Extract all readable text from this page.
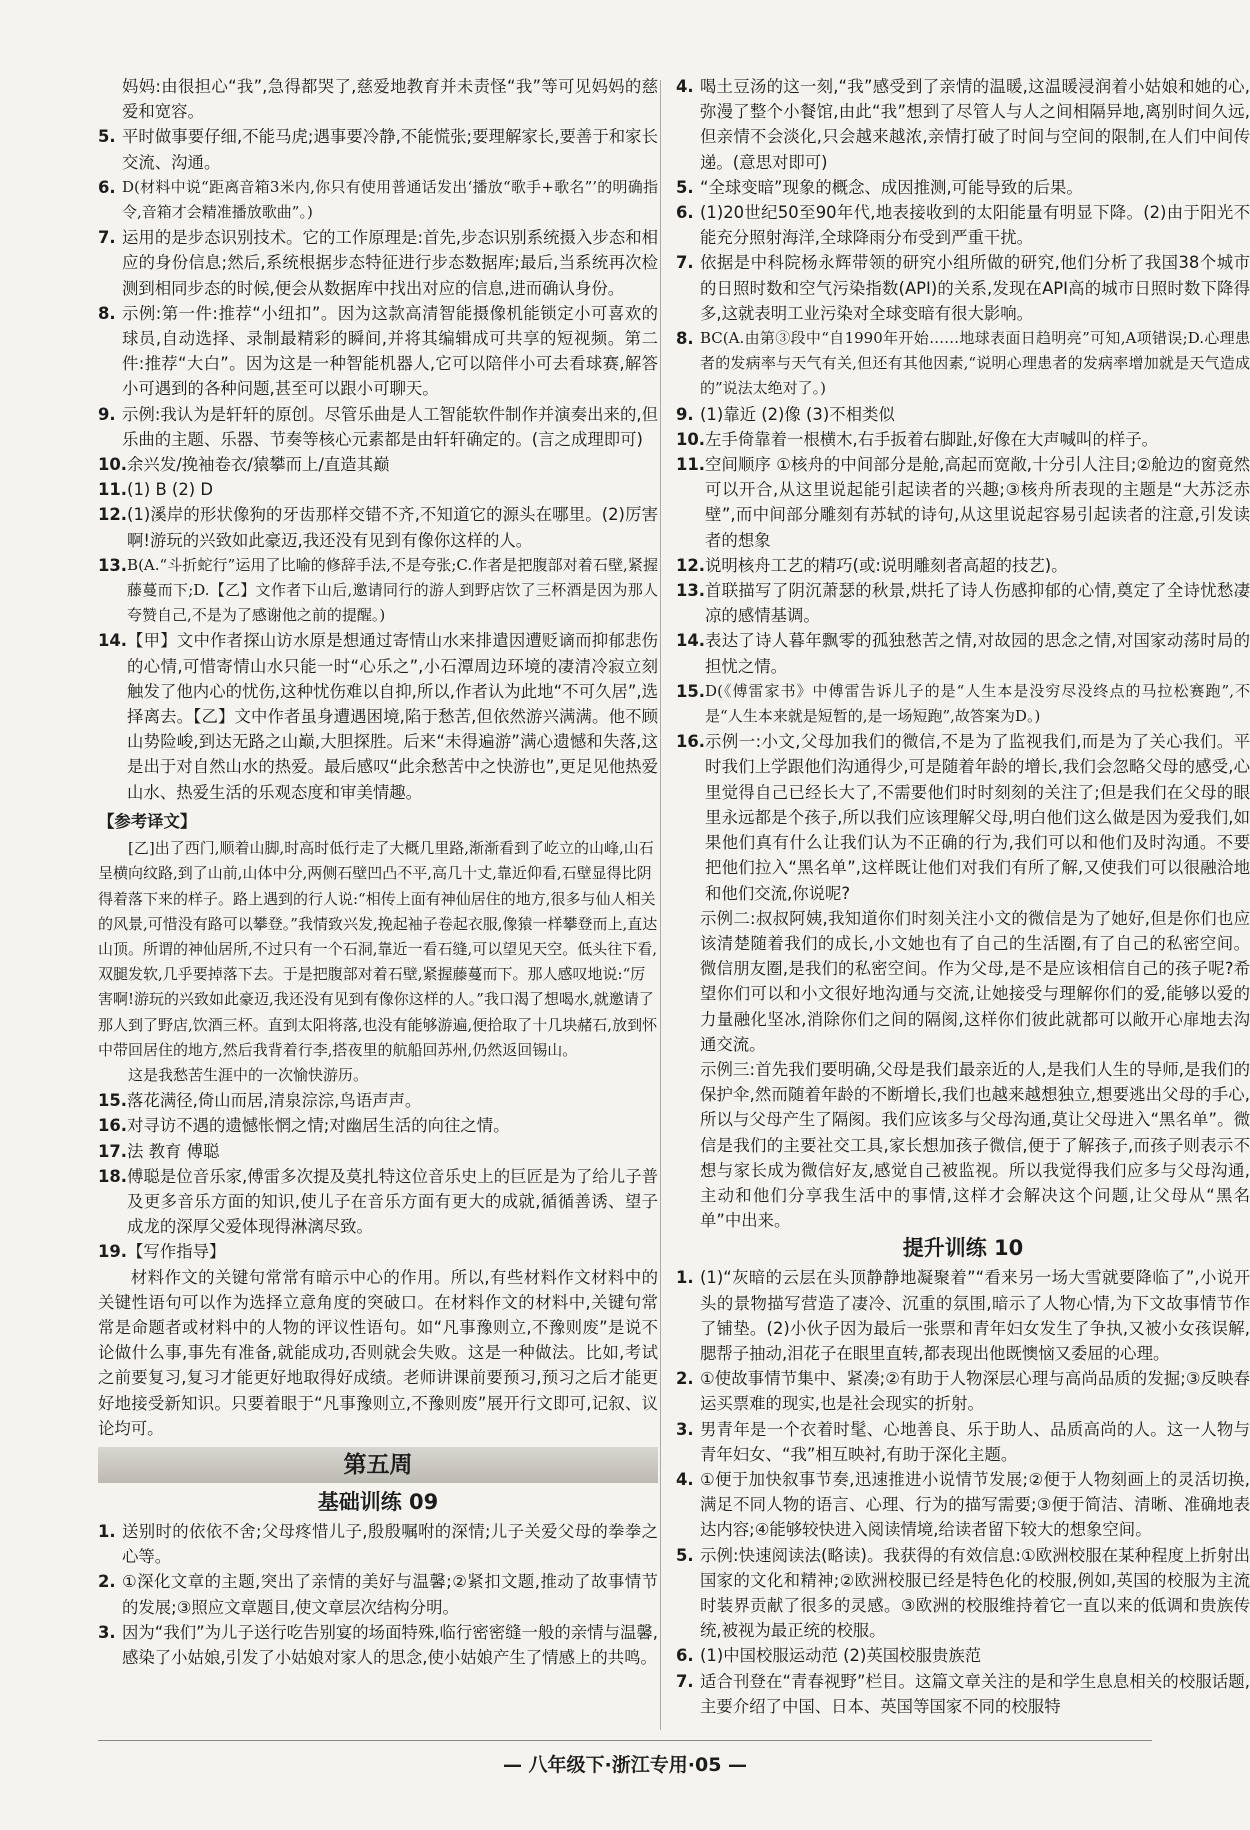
妈妈:由很担心“我”,急得都哭了,慈爱地教育并未责怪“我”等可见妈妈的慈爱和宽容。
5. 平时做事要仔细,不能马虎;遇事要冷静,不能慌张;要理解家长,要善于和家长交流、沟通。
6. D(材料中说“距离音箱3米内,你只有使用普通话发出‘播放“歌手+歌名”’的明确指令,音箱才会精准播放歌曲”。)
7. 运用的是步态识别技术。它的工作原理是:首先,步态识别系统摄入步态和相应的身份信息;然后,系统根据步态特征进行步态数据库;最后,当系统再次检测到相同步态的时候,便会从数据库中找出对应的信息,进而确认身份。
8. 示例:第一件:推荐“小纽扣”。因为这款高清智能摄像机能锁定小可喜欢的球员,自动选择、录制最精彩的瞬间,并将其编辑成可共享的短视频。第二件:推荐“大白”。因为这是一种智能机器人,它可以陪伴小可去看球赛,解答小可遇到的各种问题,甚至可以跟小可聊天。
9. 示例:我认为是轩轩的原创。尽管乐曲是人工智能软件制作并演奏出来的,但乐曲的主题、乐器、节奏等核心元素都是由轩轩确定的。(言之成理即可)
10. 余兴发/挽袖卷衣/猿攀而上/直造其巅
11. (1) B (2) D
12. (1)溪岸的形状像狗的牙齿那样交错不齐,不知道它的源头在哪里。(2)厉害啊!游玩的兴致如此豪迈,我还没有见到有像你这样的人。
13. B(A.“斗折蛇行”运用了比喻的修辞手法,不是夸张;C.作者是把腹部对着石壁,紧握藤蔓而下;D.【乙】文作者下山后,邀请同行的游人到野店饮了三杯酒是因为那人夸赞自己,不是为了感谢他之前的提醒。)
14. 【甲】文中作者探山访水原是想通过寄情山水来排遣因遭贬谪而抑郁悲伤的心情,可惜寄情山水只能一时“心乐之”,小石潭周边环境的凄清冷寂立刻触发了他内心的忧伤,这种忧伤难以自抑,所以,作者认为此地“不可久居”,选择离去。【乙】文中作者虽身遭遇困境,陷于愁苦,但依然游兴满满。他不顾山势险峻,到达无路之山巅,大胆探胜。后来“未得遍游”满心遗憾和失落,这是出于对自然山水的热爱。最后感叹“此余愁苦中之快游也”,更足见他热爱山水、热爱生活的乐观态度和审美情趣。
【参考译文】
[乙]出了西门,顺着山脚,时高时低行走了大概几里路,渐渐看到了屹立的山峰,山石呈横向纹路,到了山前,山体中分,两侧石壁凹凸不平,高几十丈,靠近仰看,石壁显得比阴得着落下来的样子。路上遇到的行人说:“相传上面有神仙居住的地方,很多与仙人相关的风景,可惜没有路可以攀登。”我情致兴发,挽起袖子卷起衣服,像猿一样攀登而上,直达山顶。所谓的神仙居所,不过只有一个石洞,靠近一看石缝,可以望见天空。低头往下看,双腿发软,几乎要掉落下去。于是把腹部对着石壁,紧握藤蔓而下。那人感叹地说:“厉害啊!游玩的兴致如此豪迈,我还没有见到有像你这样的人。”我口渴了想喝水,就邀请了那人到了野店,饮酒三杯。直到太阳将落,也没有能够游遍,便拾取了十几块赭石,放到怀中带回居住的地方,然后我背着行李,搭夜里的航船回苏州,仍然返回锡山。
这是我愁苦生涯中的一次愉快游历。
15. 落花满径,倚山而居,清泉淙淙,鸟语声声。
16. 对寻访不遇的遗憾怅惘之情;对幽居生活的向往之情。
17. 法 教育 傅聪
18. 傅聪是位音乐家,傅雷多次提及莫扎特这位音乐史上的巨匠是为了给儿子普及更多音乐方面的知识,使儿子在音乐方面有更大的成就,循循善诱、望子成龙的深厚父爱体现得淋漓尽致。
19. 【写作指导】
材料作文的关键句常常有暗示中心的作用。所以,有些材料作文材料中的关键性语句可以作为选择立意角度的突破口。在材料作文的材料中,关键句常常是命题者或材料中的人物的评议性语句。如“凡事豫则立,不豫则废”是说不论做什么事,事先有准备,就能成功,否则就会失败。这是一种做法。比如,考试之前要复习,复习才能更好地取得好成绩。老师讲课前要预习,预习之后才能更好地接受新知识。只要着眼于“凡事豫则立,不豫则废”展开行文即可,记叙、议论均可。
第五周
基础训练 09
1. 送别时的依依不舍;父母疼惜儿子,殷殷嘱咐的深情;儿子关爱父母的拳拳之心等。
2. ①深化文章的主题,突出了亲情的美好与温馨;②紧扣文题,推动了故事情节的发展;③照应文章题目,使文章层次结构分明。
3. 因为“我们”为儿子送行吃告别宴的场面特殊,临行密密缝一般的亲情与温馨,感染了小姑娘,引发了小姑娘对家人的思念,使小姑娘产生了情感上的共鸣。
4. 喝土豆汤的这一刻,“我”感受到了亲情的温暖,这温暖浸润着小姑娘和她的心,弥漫了整个小餐馆,由此“我”想到了尽管人与人之间相隔异地,离别时间久远,但亲情不会淡化,只会越来越浓,亲情打破了时间与空间的限制,在人们中间传递。(意思对即可)
5. “全球变暗”现象的概念、成因推测,可能导致的后果。
6. (1)20世纪50至90年代,地表接收到的太阳能量有明显下降。(2)由于阳光不能充分照射海洋,全球降雨分布受到严重干扰。
7. 依据是中科院杨永辉带领的研究小组所做的研究,他们分析了我国38个城市的日照时数和空气污染指数(API)的关系,发现在API高的城市日照时数下降得多,这就表明工业污染对全球变暗有很大影响。
8. BC(A.由第③段中“自1990年开始……地球表面日趋明亮”可知,A项错误;D.心理患者的发病率与天气有关,但还有其他因素,“说明心理患者的发病率增加就是天气造成的”说法太绝对了。)
9. (1)靠近 (2)像 (3)不相类似
10. 左手倚靠着一根横木,右手扳着右脚趾,好像在大声喊叫的样子。
11. 空间顺序 ①核舟的中间部分是舱,高起而宽敞,十分引人注目;②舱边的窗竟然可以开合,从这里说起能引起读者的兴趣;③核舟所表现的主题是“大苏泛赤壁”,而中间部分雕刻有苏轼的诗句,从这里说起容易引起读者的注意,引发读者的想象
12. 说明核舟工艺的精巧(或:说明雕刻者高超的技艺)。
13. 首联描写了阴沉萧瑟的秋景,烘托了诗人伤感抑郁的心情,奠定了全诗忧愁凄凉的感情基调。
14. 表达了诗人暮年飘零的孤独愁苦之情,对故园的思念之情,对国家动荡时局的担忧之情。
15. D(《傅雷家书》中傅雷告诉儿子的是“人生本是没穷尽没终点的马拉松赛跑”,不是“人生本来就是短暂的,是一场短跑”,故答案为D。)
16. 示例一:小文,父母加我们的微信,不是为了监视我们,而是为了关心我们。平时我们上学跟他们沟通得少,可是随着年龄的增长,我们会忽略父母的感受,心里觉得自己已经长大了,不需要他们时时刻刻的关注了;但是我们在父母的眼里永远都是个孩子,所以我们应该理解父母,明白他们这么做是因为爱我们,如果他们真有什么让我们认为不正确的行为,我们可以和他们及时沟通。不要把他们拉入“黑名单”,这样既让他们对我们有所了解,又使我们可以很融洽地和他们交流,你说呢?
示例二:叔叔阿姨,我知道你们时刻关注小文的微信是为了她好,但是你们也应该清楚随着我们的成长,小文她也有了自己的生活圈,有了自己的私密空间。微信朋友圈,是我们的私密空间。作为父母,是不是应该相信自己的孩子呢?希望你们可以和小文很好地沟通与交流,让她接受与理解你们的爱,能够以爱的力量融化坚冰,消除你们之间的隔阂,这样你们彼此就都可以敞开心扉地去沟通交流。
示例三:首先我们要明确,父母是我们最亲近的人,是我们人生的导师,是我们的保护伞,然而随着年龄的不断增长,我们也越来越想独立,想要逃出父母的手心,所以与父母产生了隔阂。我们应该多与父母沟通,莫让父母进入“黑名单”。微信是我们的主要社交工具,家长想加孩子微信,便于了解孩子,而孩子则表示不想与家长成为微信好友,感觉自己被监视。所以我觉得我们应多与父母沟通,主动和他们分享我生活中的事情,这样才会解决这个问题,让父母从“黑名单”中出来。
提升训练 10
1. (1)“灰暗的云层在头顶静静地凝聚着”“看来另一场大雪就要降临了”,小说开头的景物描写营造了凄冷、沉重的氛围,暗示了人物心情,为下文故事情节作了铺垫。(2)小伙子因为最后一张票和青年妇女发生了争执,又被小女孩误解,腮帮子抽动,泪花子在眼里直转,都表现出他既懊恼又委屈的心理。
2. ①使故事情节集中、紧凑;②有助于人物深层心理与高尚品质的发掘;③反映春运买票难的现实,也是社会现实的折射。
3. 男青年是一个衣着时髦、心地善良、乐于助人、品质高尚的人。这一人物与青年妇女、“我”相互映衬,有助于深化主题。
4. ①便于加快叙事节奏,迅速推进小说情节发展;②便于人物刻画上的灵活切换,满足不同人物的语言、心理、行为的描写需要;③便于简洁、清晰、准确地表达内容;④能够较快进入阅读情境,给读者留下较大的想象空间。
5. 示例:快速阅读法(略读)。我获得的有效信息:①欧洲校服在某种程度上折射出国家的文化和精神;②欧洲校服已经是特色化的校服,例如,英国的校服为主流时装界贡献了很多的灵感。③欧洲的校服维持着它一直以来的低调和贵族传统,被视为最正统的校服。
6. (1)中国校服运动范 (2)英国校服贵族范
7. 适合刊登在“青春视野”栏目。这篇文章关注的是和学生息息相关的校服话题,主要介绍了中国、日本、英国等国家不同的校服特
— 八年级下·浙江专用·05 —
